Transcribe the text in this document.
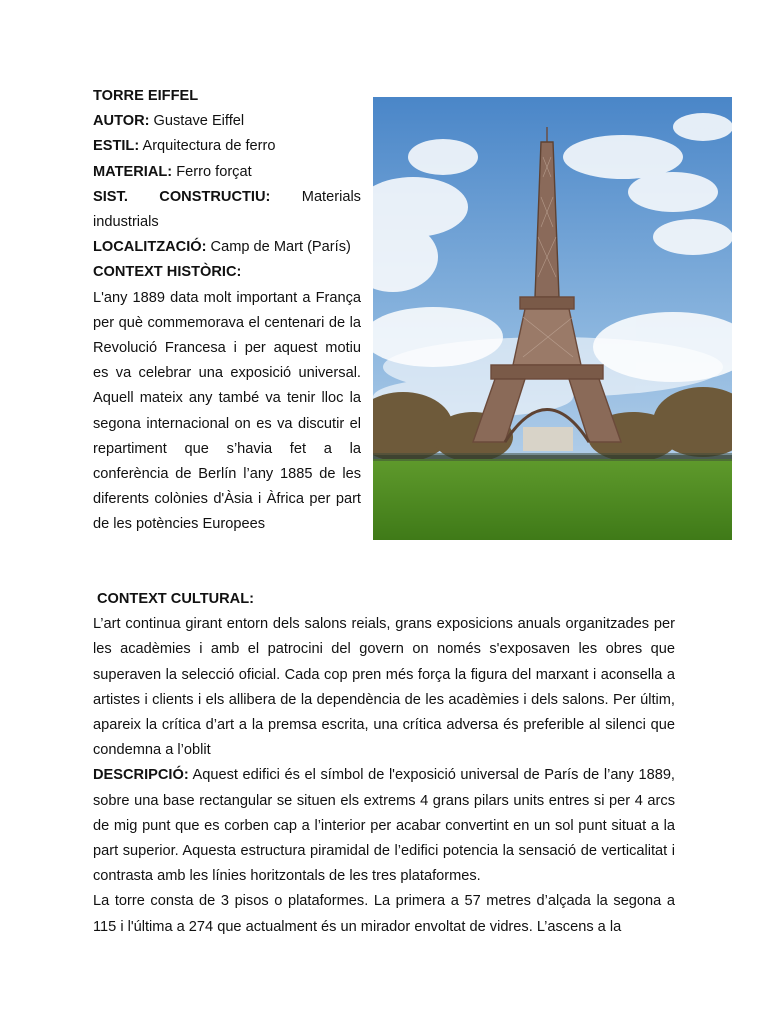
TORRE EIFFEL

AUTOR: Gustave Eiffel

ESTIL: Arquitectura de ferro

MATERIAL: Ferro forçat

SIST. CONSTRUCTIU: Materials industrials

LOCALITZACIÓ: Camp de Mart (París)

CONTEXT HISTÒRIC:

L'any 1889 data molt important a França per què commemorava el centenari de la Revolució Francesa i per aquest motiu es va celebrar una exposició universal. Aquell mateix any també va tenir lloc la segona internacional on es va discutir el repartiment que s’havia fet a la conferència de Berlín l’any 1885 de les diferents colònies d'Àsia i Àfrica per part de les potències Europees

CONTEXT CULTURAL:

L’art continua girant entorn dels salons reials, grans exposicions anuals organitzades per les acadèmies i amb el patrocini del govern on només s'exposaven les obres que superaven la selecció oficial. Cada cop pren més força la figura del marxant i aconsella a artistes i clients i els allibera de la dependència de les acadèmies i dels salons. Per últim, apareix la crítica d’art a la premsa escrita, una crítica adversa és preferible al silenci que condemna a l’oblit

DESCRIPCIÓ: Aquest edifici és el símbol de l'exposició universal de París de l’any 1889, sobre una base rectangular se situen els extrems 4 grans pilars units entres si per 4 arcs de mig punt que es corben cap a l’interior per acabar convertint en un sol punt situat a la part superior. Aquesta estructura piramidal de l’edifici potencia la sensació de verticalitat i contrasta amb les línies horitzontals de les tres plataformes.

La torre consta de 3 pisos o plataformes. La primera a 57 metres d’alçada la segona a 115 i l'última a 274 que actualment és un mirador envoltat de vidres. L’ascens a la
